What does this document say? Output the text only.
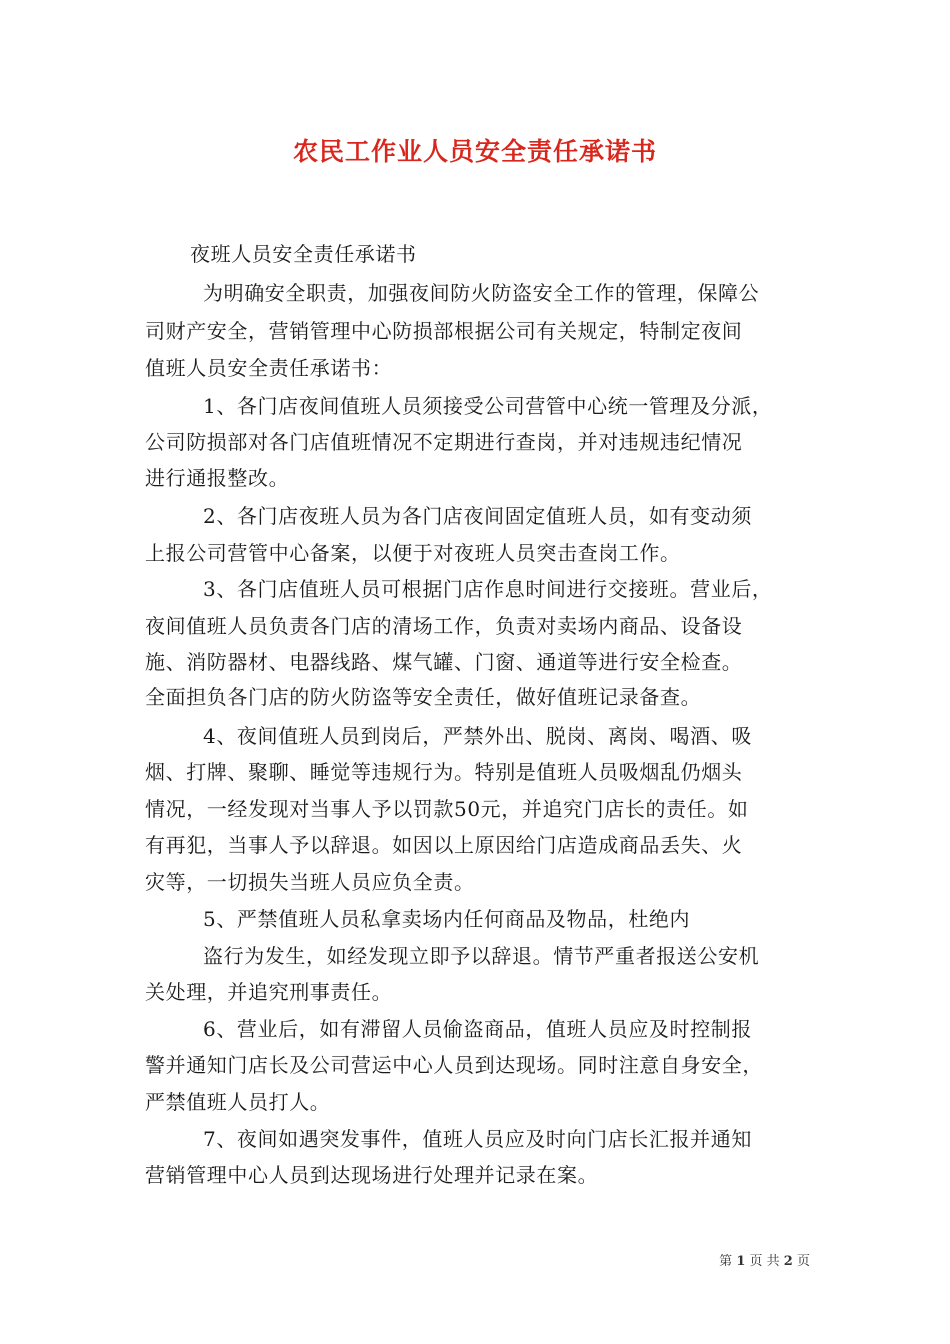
农民工作业人员安全责任承诺书
夜班人员安全责任承诺书
为明确安全职责，加强夜间防火防盗安全工作的管理，保障公
司财产安全，营销管理中心防损部根据公司有关规定，特制定夜间
值班人员安全责任承诺书：
1、各门店夜间值班人员须接受公司营管中心统一管理及分派，
公司防损部对各门店值班情况不定期进行查岗，并对违规违纪情况
进行通报整改。
2、各门店夜班人员为各门店夜间固定值班人员，如有变动须
上报公司营管中心备案，以便于对夜班人员突击查岗工作。
3、各门店值班人员可根据门店作息时间进行交接班。营业后，
夜间值班人员负责各门店的清场工作，负责对卖场内商品、设备设
施、消防器材、电器线路、煤气罐、门窗、通道等进行安全检查。
全面担负各门店的防火防盗等安全责任，做好值班记录备查。
4、夜间值班人员到岗后，严禁外出、脱岗、离岗、喝酒、吸
烟、打牌、聚聊、睡觉等违规行为。特别是值班人员吸烟乱仍烟头
情况，一经发现对当事人予以罚款50元，并追究门店长的责任。如
有再犯，当事人予以辞退。如因以上原因给门店造成商品丢失、火
灾等，一切损失当班人员应负全责。
5、严禁值班人员私拿卖场内任何商品及物品，杜绝内
盗行为发生，如经发现立即予以辞退。情节严重者报送公安机
关处理，并追究刑事责任。
6、营业后，如有滞留人员偷盗商品，值班人员应及时控制报
警并通知门店长及公司营运中心人员到达现场。同时注意自身安全，
严禁值班人员打人。
7、夜间如遇突发事件，值班人员应及时向门店长汇报并通知
营销管理中心人员到达现场进行处理并记录在案。
第 1 页 共 2 页
